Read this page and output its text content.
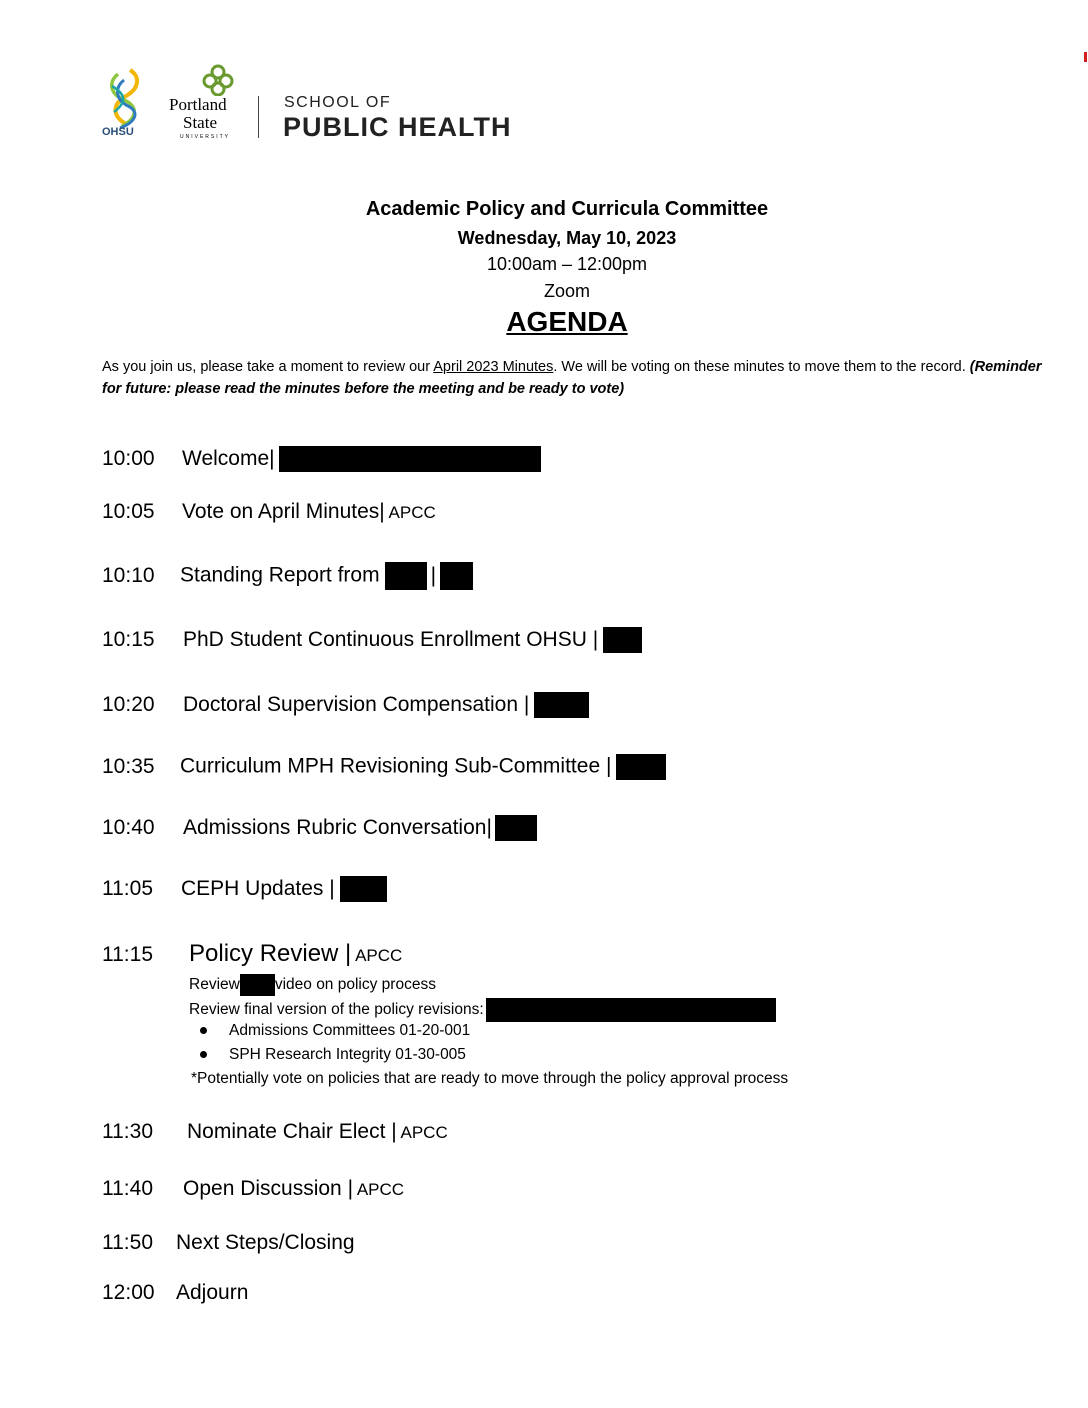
OHSU
Portland
State
UNIVERSITY
SCHOOL OF
PUBLIC HEALTH
Academic Policy and Curricula Committee
Wednesday, May 10, 2023
10:00am – 12:00pm
Zoom
AGENDA
As you join us, please take a moment to review our April 2023 Minutes. We will be voting on these minutes to move them to the record. (Reminder for future: please read the minutes before the meeting and be ready to vote)
10:00 Welcome|
10:05 Vote on April Minutes| APCC
10:10 Standing Report from |
10:15 PhD Student Continuous Enrollment OHSU |
10:20 Doctoral Supervision Compensation |
10:35 Curriculum MPH Revisioning Sub-Committee |
10:40 Admissions Rubric Conversation|
11:05 CEPH Updates |
11:15 Policy Review | APCC
Review video on policy process
Review final version of the policy revisions:
Admissions Committees 01-20-001
SPH Research Integrity 01-30-005
*Potentially vote on policies that are ready to move through the policy approval process
11:30 Nominate Chair Elect | APCC
11:40 Open Discussion | APCC
11:50 Next Steps/Closing
12:00 Adjourn
